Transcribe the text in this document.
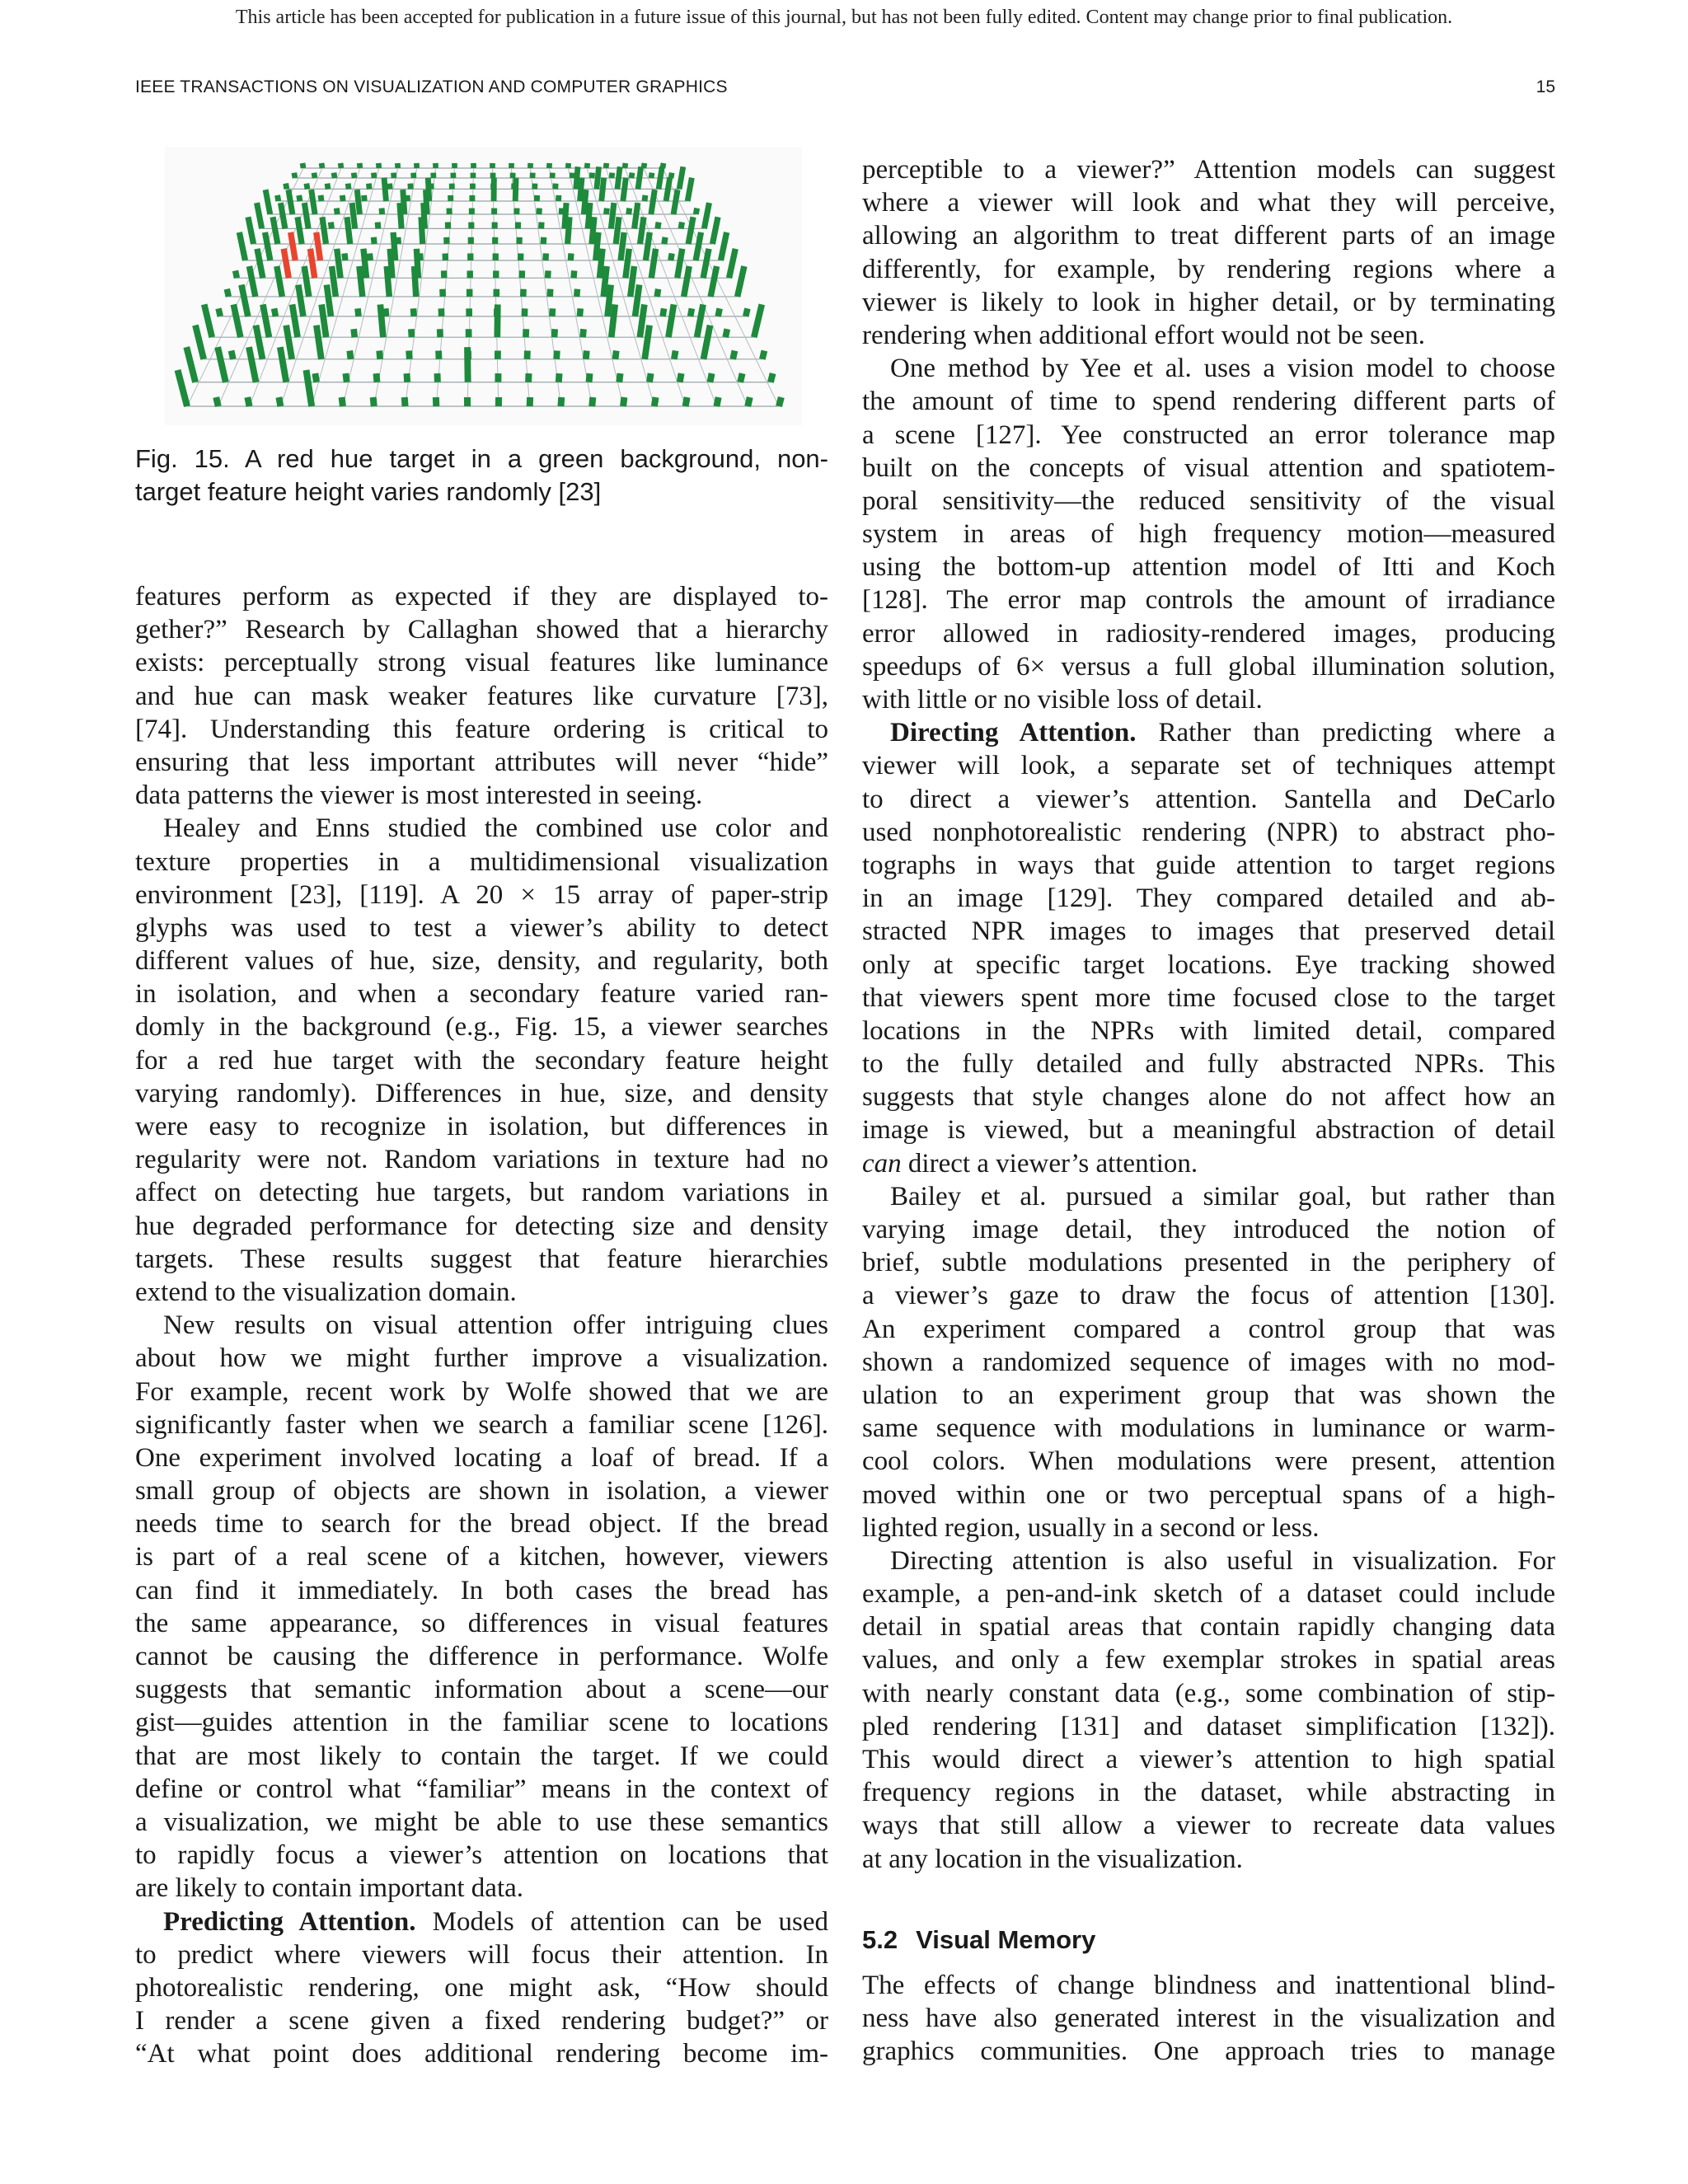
This article has been accepted for publication in a future issue of this journal, but has not been fully edited. Content may change prior to final publication.
IEEE TRANSACTIONS ON VISUALIZATION AND COMPUTER GRAPHICS	15
Fig. 15. A red hue target in a green background, non-
target feature height varies randomly [23]
features perform as expected if they are displayed to-
gether?” Research by Callaghan showed that a hierarchy
exists: perceptually strong visual features like luminance
and hue can mask weaker features like curvature [73],
[74]. Understanding this feature ordering is critical to
ensuring that less important attributes will never “hide”
data patterns the viewer is most interested in seeing.
Healey and Enns studied the combined use color and
texture properties in a multidimensional visualization
environment [23], [119]. A 20 × 15 array of paper-strip
glyphs was used to test a viewer’s ability to detect
different values of hue, size, density, and regularity, both
in isolation, and when a secondary feature varied ran-
domly in the background (e.g., Fig. 15, a viewer searches
for a red hue target with the secondary feature height
varying randomly). Differences in hue, size, and density
were easy to recognize in isolation, but differences in
regularity were not. Random variations in texture had no
affect on detecting hue targets, but random variations in
hue degraded performance for detecting size and density
targets. These results suggest that feature hierarchies
extend to the visualization domain.
New results on visual attention offer intriguing clues
about how we might further improve a visualization.
For example, recent work by Wolfe showed that we are
significantly faster when we search a familiar scene [126].
One experiment involved locating a loaf of bread. If a
small group of objects are shown in isolation, a viewer
needs time to search for the bread object. If the bread
is part of a real scene of a kitchen, however, viewers
can find it immediately. In both cases the bread has
the same appearance, so differences in visual features
cannot be causing the difference in performance. Wolfe
suggests that semantic information about a scene—our
gist—guides attention in the familiar scene to locations
that are most likely to contain the target. If we could
define or control what “familiar” means in the context of
a visualization, we might be able to use these semantics
to rapidly focus a viewer’s attention on locations that
are likely to contain important data.
Predicting Attention. Models of attention can be used
to predict where viewers will focus their attention. In
photorealistic rendering, one might ask, “How should
I render a scene given a fixed rendering budget?” or
“At what point does additional rendering become im-
perceptible to a viewer?” Attention models can suggest
where a viewer will look and what they will perceive,
allowing an algorithm to treat different parts of an image
differently, for example, by rendering regions where a
viewer is likely to look in higher detail, or by terminating
rendering when additional effort would not be seen.
One method by Yee et al. uses a vision model to choose
the amount of time to spend rendering different parts of
a scene [127]. Yee constructed an error tolerance map
built on the concepts of visual attention and spatiotem-
poral sensitivity—the reduced sensitivity of the visual
system in areas of high frequency motion—measured
using the bottom-up attention model of Itti and Koch
[128]. The error map controls the amount of irradiance
error allowed in radiosity-rendered images, producing
speedups of 6× versus a full global illumination solution,
with little or no visible loss of detail.
Directing Attention. Rather than predicting where a
viewer will look, a separate set of techniques attempt
to direct a viewer’s attention. Santella and DeCarlo
used nonphotorealistic rendering (NPR) to abstract pho-
tographs in ways that guide attention to target regions
in an image [129]. They compared detailed and ab-
stracted NPR images to images that preserved detail
only at specific target locations. Eye tracking showed
that viewers spent more time focused close to the target
locations in the NPRs with limited detail, compared
to the fully detailed and fully abstracted NPRs. This
suggests that style changes alone do not affect how an
image is viewed, but a meaningful abstraction of detail
can direct a viewer’s attention.
Bailey et al. pursued a similar goal, but rather than
varying image detail, they introduced the notion of
brief, subtle modulations presented in the periphery of
a viewer’s gaze to draw the focus of attention [130].
An experiment compared a control group that was
shown a randomized sequence of images with no mod-
ulation to an experiment group that was shown the
same sequence with modulations in luminance or warm-
cool colors. When modulations were present, attention
moved within one or two perceptual spans of a high-
lighted region, usually in a second or less.
Directing attention is also useful in visualization. For
example, a pen-and-ink sketch of a dataset could include
detail in spatial areas that contain rapidly changing data
values, and only a few exemplar strokes in spatial areas
with nearly constant data (e.g., some combination of stip-
pled rendering [131] and dataset simplification [132]).
This would direct a viewer’s attention to high spatial
frequency regions in the dataset, while abstracting in
ways that still allow a viewer to recreate data values
at any location in the visualization.
5.2 Visual Memory
The effects of change blindness and inattentional blind-
ness have also generated interest in the visualization and
graphics communities. One approach tries to manage
